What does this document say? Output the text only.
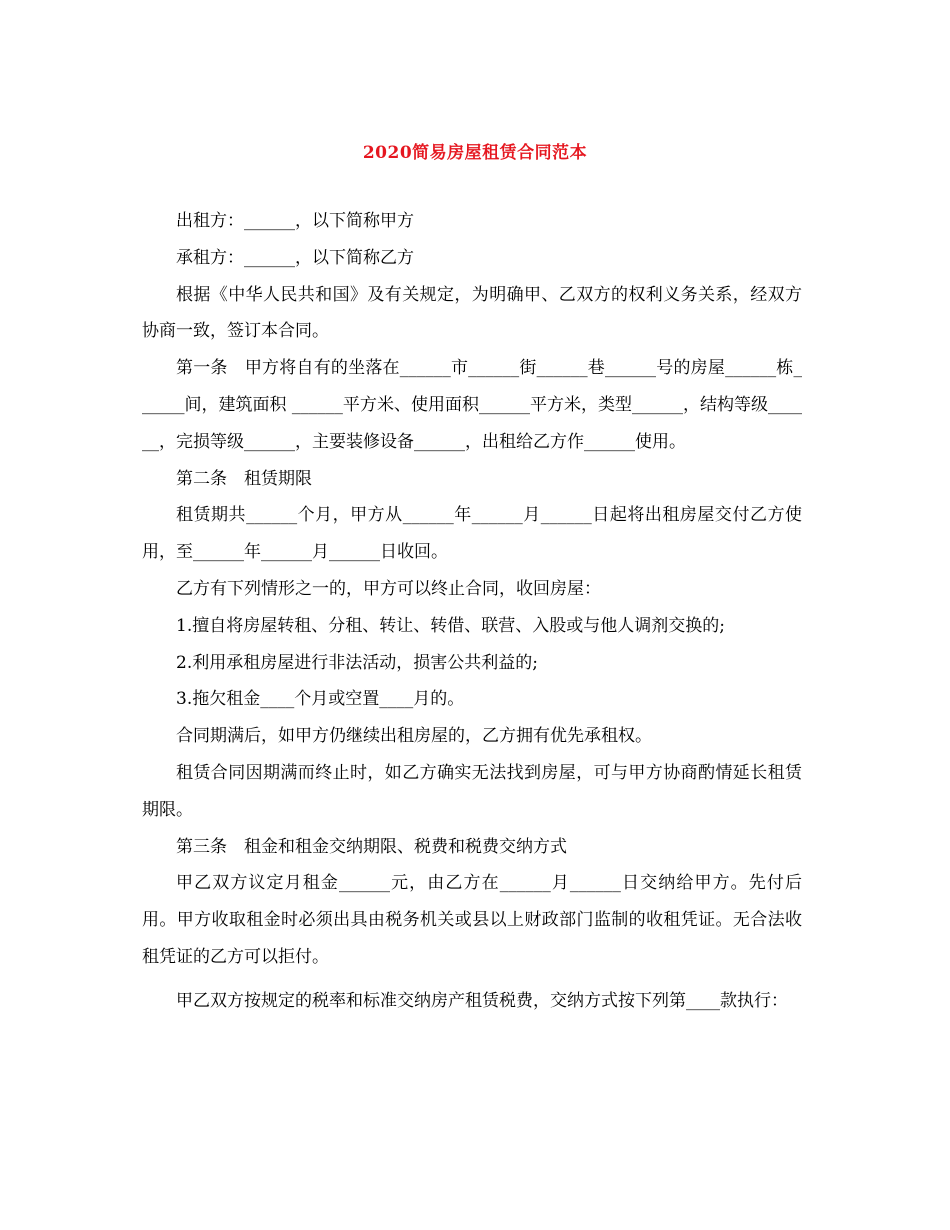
2020简易房屋租赁合同范本

出租方：______，以下简称甲方

承租方：______，以下简称乙方

根据《中华人民共和国》及有关规定，为明确甲、乙双方的权利义务关系，经双方协商一致，签订本合同。

第一条　甲方将自有的坐落在______市______街______巷______号的房屋______栋______间，建筑面积 ______平方米、使用面积______平方米，类型______，结构等级______，完损等级______，主要装修设备______，出租给乙方作______使用。

第二条　租赁期限

租赁期共______个月，甲方从______年______月______日起将出租房屋交付乙方使用，至______年______月______日收回。

乙方有下列情形之一的，甲方可以终止合同，收回房屋：

1.擅自将房屋转租、分租、转让、转借、联营、入股或与他人调剂交换的;

2.利用承租房屋进行非法活动，损害公共利益的;

3.拖欠租金____个月或空置____月的。

合同期满后，如甲方仍继续出租房屋的，乙方拥有优先承租权。

租赁合同因期满而终止时，如乙方确实无法找到房屋，可与甲方协商酌情延长租赁期限。

第三条　租金和租金交纳期限、税费和税费交纳方式

甲乙双方议定月租金______元，由乙方在______月______日交纳给甲方。先付后用。甲方收取租金时必须出具由税务机关或县以上财政部门监制的收租凭证。无合法收租凭证的乙方可以拒付。

甲乙双方按规定的税率和标准交纳房产租赁税费，交纳方式按下列第____款执行：
